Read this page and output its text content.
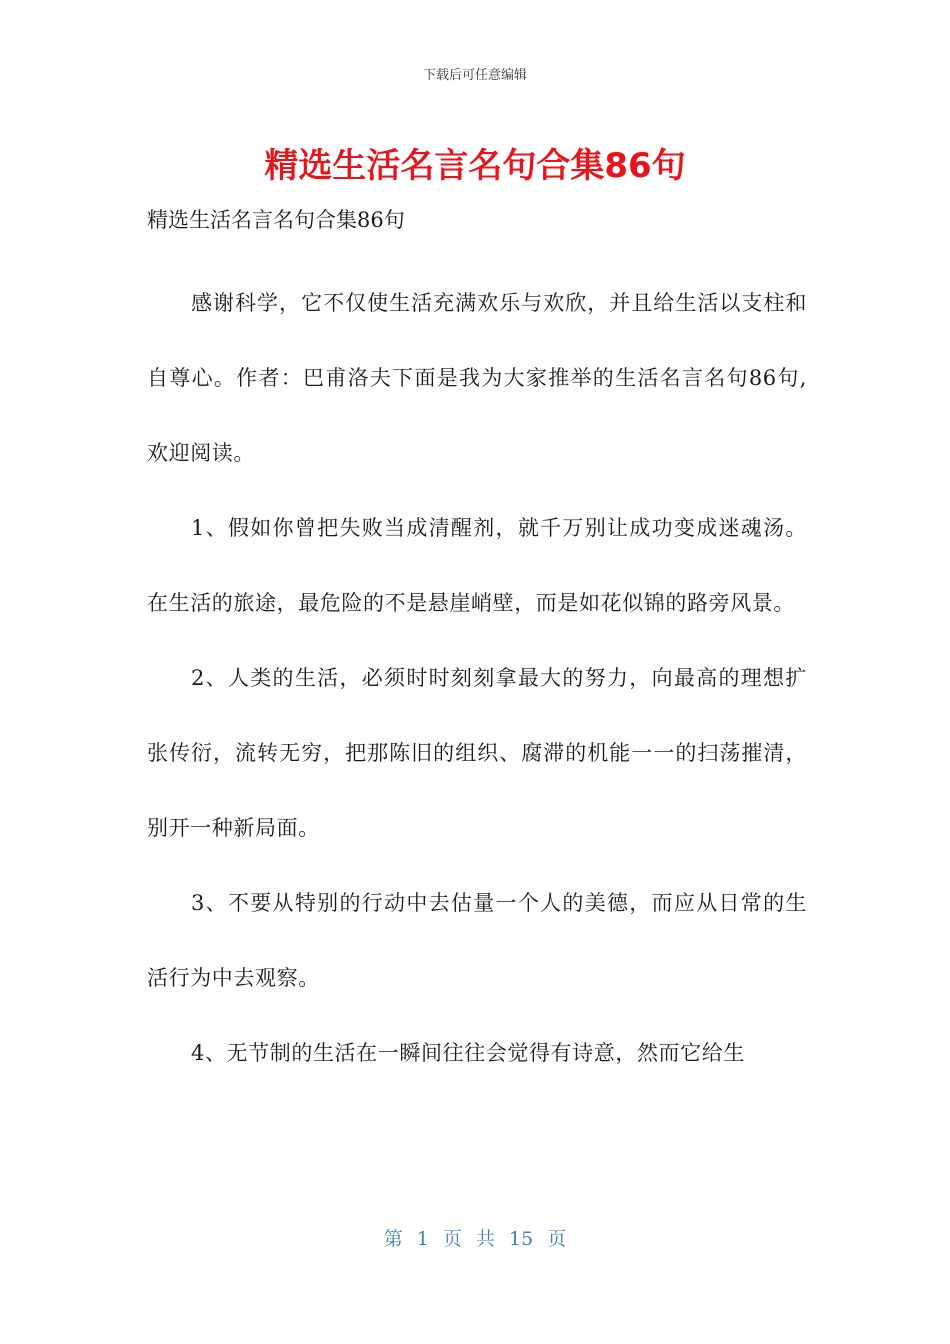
下载后可任意编辑
精选生活名言名句合集86句

精选生活名言名句合集86句

感谢科学，它不仅使生活充满欢乐与欢欣，并且给生活以支柱和自尊心。作者：巴甫洛夫下面是我为大家推举的生活名言名句86句,欢迎阅读。

1、假如你曾把失败当成清醒剂，就千万别让成功变成迷魂汤。在生活的旅途，最危险的不是悬崖峭壁，而是如花似锦的路旁风景。

2、人类的生活，必须时时刻刻拿最大的努力，向最高的理想扩张传衍，流转无穷，把那陈旧的组织、腐滞的机能一一的扫荡摧清，别开一种新局面。

3、不要从特别的行动中去估量一个人的美德，而应从日常的生活行为中去观察。

4、无节制的生活在一瞬间往往会觉得有诗意，然而它给生

第 1 页 共 15 页
